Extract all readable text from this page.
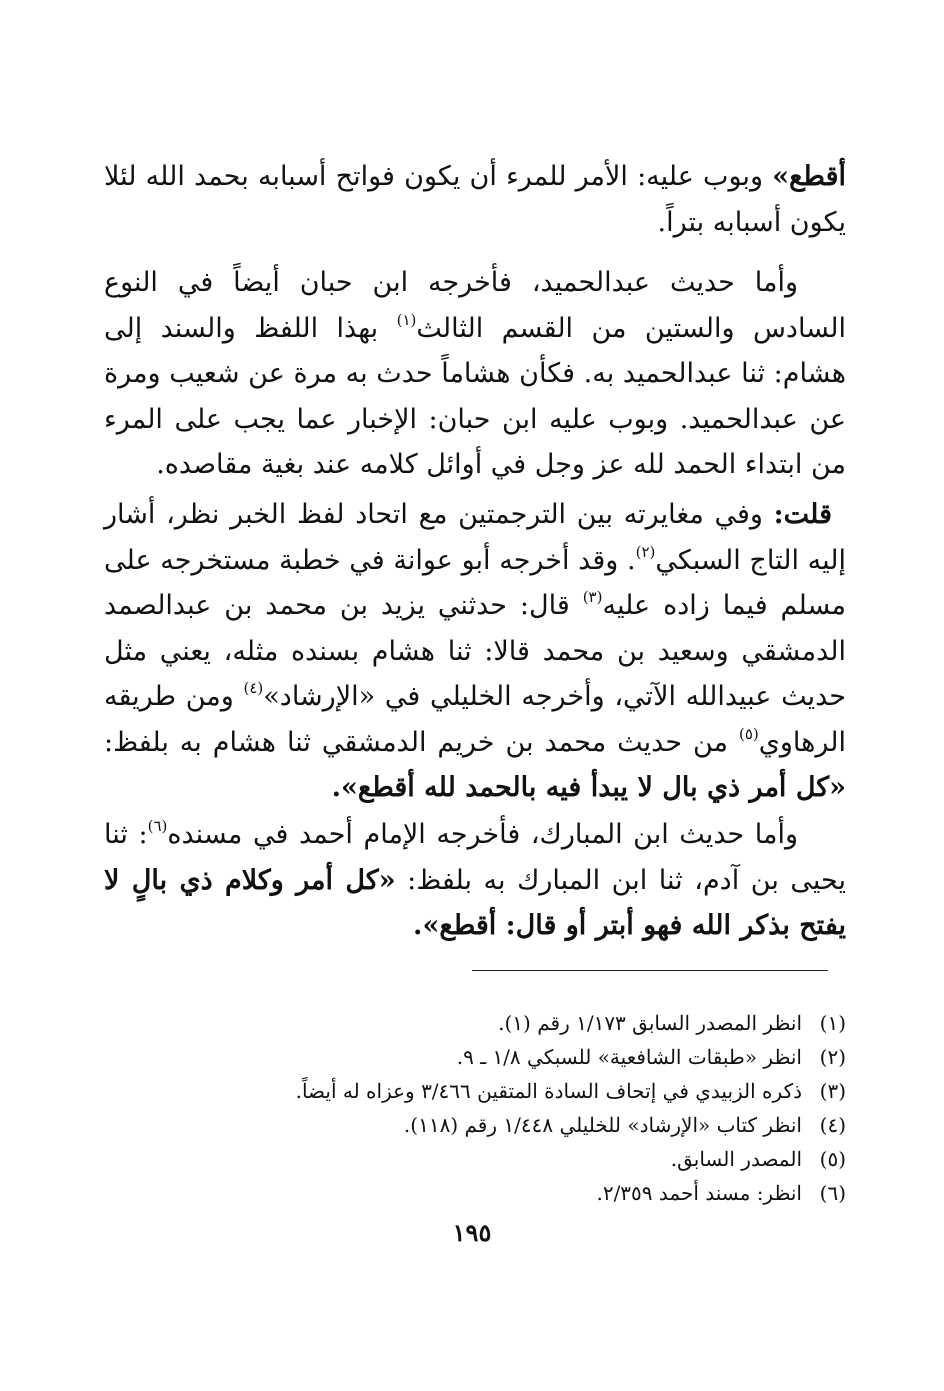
أقطع» وبوب عليه: الأمر للمرء أن يكون فواتح أسبابه بحمد الله لئلا يكون أسبابه بتراً.

وأما حديث عبدالحميد، فأخرجه ابن حبان أيضاً في النوع السادس والستين من القسم الثالث$^{(١)}$ بهذا اللفظ والسند إلى هشام: ثنا عبدالحميد به. فكأن هشاماً حدث به مرة عن شعيب ومرة عن عبدالحميد. وبوب عليه ابن حبان: الإخبار عما يجب على المرء من ابتداء الحمد لله عز وجل في أوائل كلامه عند بغية مقاصده.

قلت: وفي مغايرته بين الترجمتين مع اتحاد لفظ الخبر نظر، أشار إليه التاج السبكي$^{(٢)}$. وقد أخرجه أبو عوانة في خطبة مستخرجه على مسلم فيما زاده عليه$^{(٣)}$ قال: حدثني يزيد بن محمد بن عبدالصمد الدمشقي وسعيد بن محمد قالا: ثنا هشام بسنده مثله، يعني مثل حديث عبيدالله الآتي، وأخرجه الخليلي في «الإرشاد»$^{(٤)}$ ومن طريقه الرهاوي$^{(٥)}$ من حديث محمد بن خريم الدمشقي ثنا هشام به بلفظ: «كل أمر ذي بال لا يبدأ فيه بالحمد لله أقطع».

وأما حديث ابن المبارك، فأخرجه الإمام أحمد في مسنده$^{(٦)}$: ثنا يحيى بن آدم، ثنا ابن المبارك به بلفظ: «كل أمر وكلام ذي بالٍ لا يفتح بذكر الله فهو أبتر أو قال: أقطع».

(١)انظر المصدر السابق ١/١٧٣ رقم (١).

(٢)انظر «طبقات الشافعية» للسبكي ١/٨ ـ ٩.

(٣)ذكره الزبيدي في إتحاف السادة المتقين ٣/٤٦٦ وعزاه له أيضاً.

(٤)انظر كتاب «الإرشاد» للخليلي ١/٤٤٨ رقم (١١٨).

(٥)المصدر السابق.

(٦)انظر: مسند أحمد ٢/٣٥٩.

١٩٥
